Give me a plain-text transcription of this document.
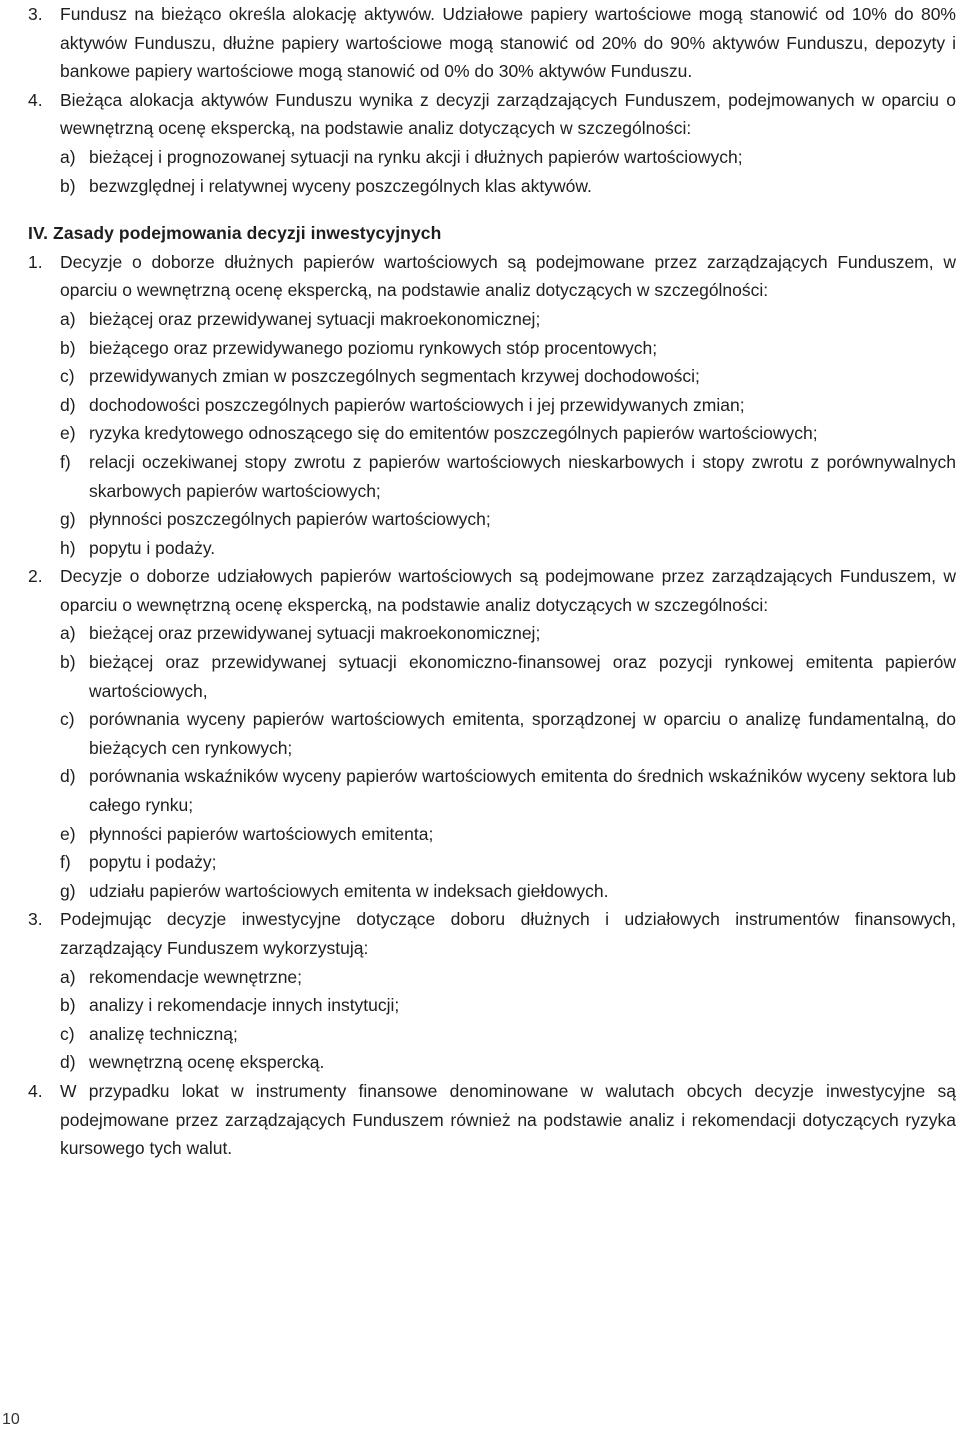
3. Fundusz na bieżąco określa alokację aktywów. Udziałowe papiery wartościowe mogą stanowić od 10% do 80% aktywów Funduszu, dłużne papiery wartościowe mogą stanowić od 20% do 90% aktywów Funduszu, depozyty i bankowe papiery wartościowe mogą stanowić od 0% do 30% aktywów Funduszu.
4. Bieżąca alokacja aktywów Funduszu wynika z decyzji zarządzających Funduszem, podejmowanych w oparciu o wewnętrzną ocenę ekspercką, na podstawie analiz dotyczących w szczególności:
a) bieżącej i prognozowanej sytuacji na rynku akcji i dłużnych papierów wartościowych;
b) bezwzględnej i relatywnej wyceny poszczególnych klas aktywów.
IV. Zasady podejmowania decyzji inwestycyjnych
1. Decyzje o doborze dłużnych papierów wartościowych są podejmowane przez zarządzających Funduszem, w oparciu o wewnętrzną ocenę ekspercką, na podstawie analiz dotyczących w szczególności:
a) bieżącej oraz przewidywanej sytuacji makroekonomicznej;
b) bieżącego oraz przewidywanego poziomu rynkowych stóp procentowych;
c) przewidywanych zmian w poszczególnych segmentach krzywej dochodowości;
d) dochodowości poszczególnych papierów wartościowych i jej przewidywanych zmian;
e) ryzyka kredytowego odnoszącego się do emitentów poszczególnych papierów wartościowych;
f) relacji oczekiwanej stopy zwrotu z papierów wartościowych nieskarbowych i stopy zwrotu z porównywalnych skarbowych papierów wartościowych;
g) płynności poszczególnych papierów wartościowych;
h) popytu i podaży.
2. Decyzje o doborze udziałowych papierów wartościowych są podejmowane przez zarządzających Funduszem, w oparciu o wewnętrzną ocenę ekspercką, na podstawie analiz dotyczących w szczególności:
a) bieżącej oraz przewidywanej sytuacji makroekonomicznej;
b) bieżącej oraz przewidywanej sytuacji ekonomiczno-finansowej oraz pozycji rynkowej emitenta papierów wartościowych,
c) porównania wyceny papierów wartościowych emitenta, sporządzonej w oparciu o analizę fundamentalną, do bieżących cen rynkowych;
d) porównania wskaźników wyceny papierów wartościowych emitenta do średnich wskaźników wyceny sektora lub całego rynku;
e) płynności papierów wartościowych emitenta;
f) popytu i podaży;
g) udziału papierów wartościowych emitenta w indeksach giełdowych.
3. Podejmując decyzje inwestycyjne dotyczące doboru dłużnych i udziałowych instrumentów finansowych, zarządzający Funduszem wykorzystują:
a) rekomendacje wewnętrzne;
b) analizy i rekomendacje innych instytucji;
c) analizę techniczną;
d) wewnętrzną ocenę ekspercką.
4. W przypadku lokat w instrumenty finansowe denominowane w walutach obcych decyzje inwestycyjne są podejmowane przez zarządzających Funduszem również na podstawie analiz i rekomendacji dotyczących ryzyka kursowego tych walut.
10
